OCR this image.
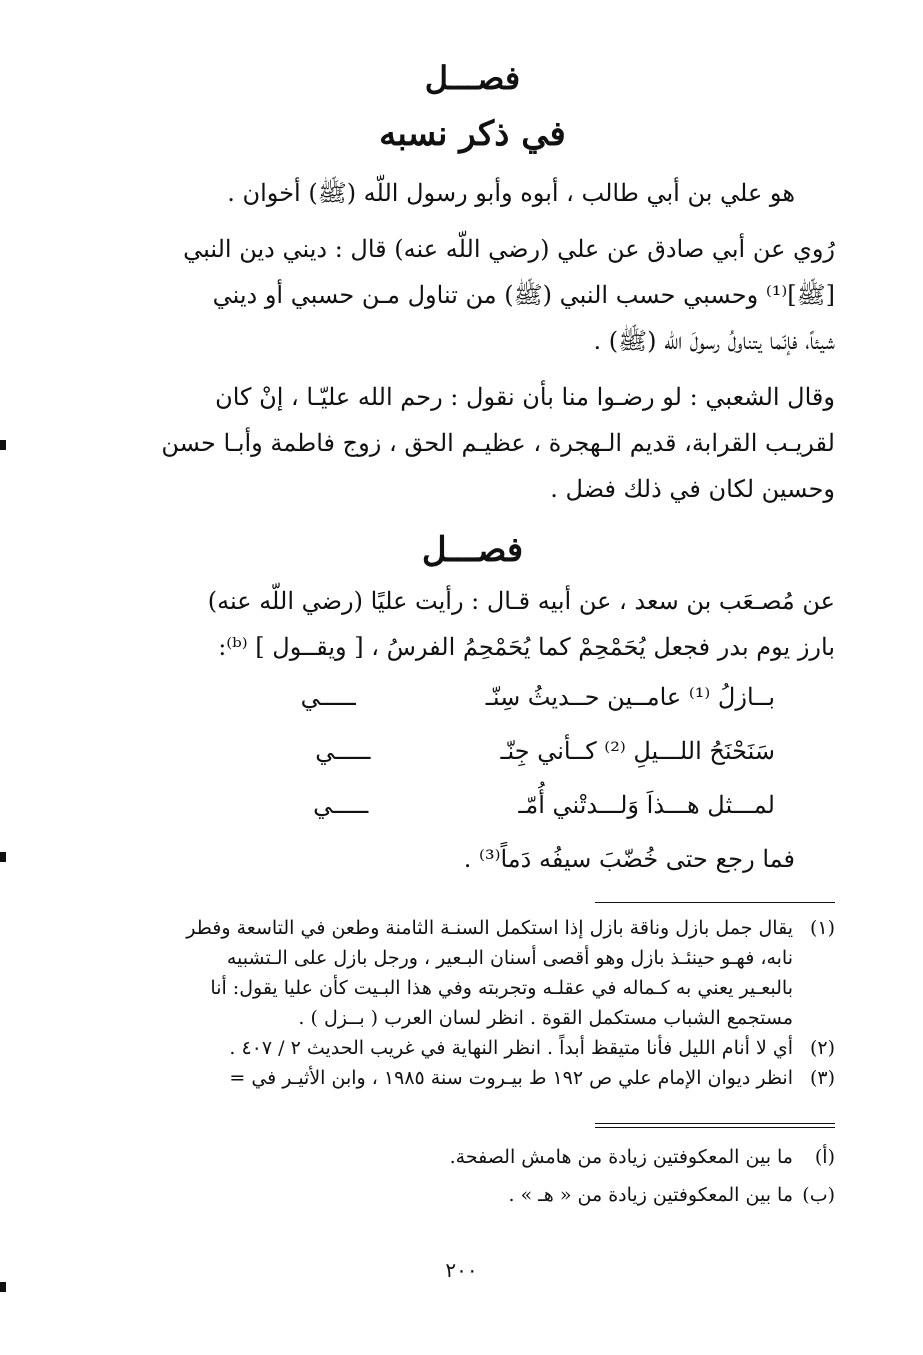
فصـــل
في ذكر نسبه

هو علي بن أبي طالب ، أبوه وأبو رسول اللّه (ﷺ) أخوان .

رُوي عن أبي صادق عن علي (رضي اللّه عنه) قال : ديني دين النبي
[ﷺ]⁽¹⁾ وحسبي حسب النبي (ﷺ) من تناول مـن حسبي أو ديني
شيئاً، فإنّما يتناولُ رسولَ اللّه (ﷺ) .

وقال الشعبي : لو رضـوا منا بأن نقول : رحم الله عليّـا ، إنْ كان
لقريـب القرابة، قديم الـهجرة ، عظيـم الحق ، زوج فاطمة وأبـا حسن
وحسين لكان في ذلك فضل .

فصـــل

عن مُصـعَب بن سعد ، عن أبيه قـال : رأيت عليًا (رضي اللّه عنه)
بارز يوم بدر فجعل يُحَمْحِمْ كما يُحَمْحِمُ الفرسُ ، [ ويقــول ] ⁽ᵇ⁾:

بــازلُ ⁽¹⁾ عامــين حــديثُ سِنّــــــي

سَنَحْنَحُ اللـــيلِ ⁽²⁾ كــأني جِنّــــــي

لمـــثل هـــذاَ وَلـــدتْني أُمّــــــي

فما رجع حتى خُضّبَ سيفُه دَماً⁽³⁾ .

(١)
يقال جمل بازل وناقة بازل إذا استكمل السنـة الثامنة وطعن في التاسعة وفطر
نابه، فهـو حينئـذ بازل وهو أقصى أسنان البـعير ، ورجل بازل على الـتشبيه
بالبعـير يعني به كـماله في عقلـه وتجربته وفي هذا البـيت كأن عليا يقول: أنا
مستجمع الشباب مستكمل القوة . انظر لسان العرب ( بــزل ) .
(٢)
أي لا أنام الليل فأنا متيقظ أبداً . انظر النهاية في غريب الحديث ٢ / ٤٠٧ .
(٣)
انظر ديوان الإمام علي ص ١٩٢ ط بيـروت سنة ١٩٨٥ ، وابن الأثيـر في =
(أ)
ما بين المعكوفتين زيادة من هامش الصفحة.
(ب)
ما بين المعكوفتين زيادة من « هـ » .
٢٠٠
